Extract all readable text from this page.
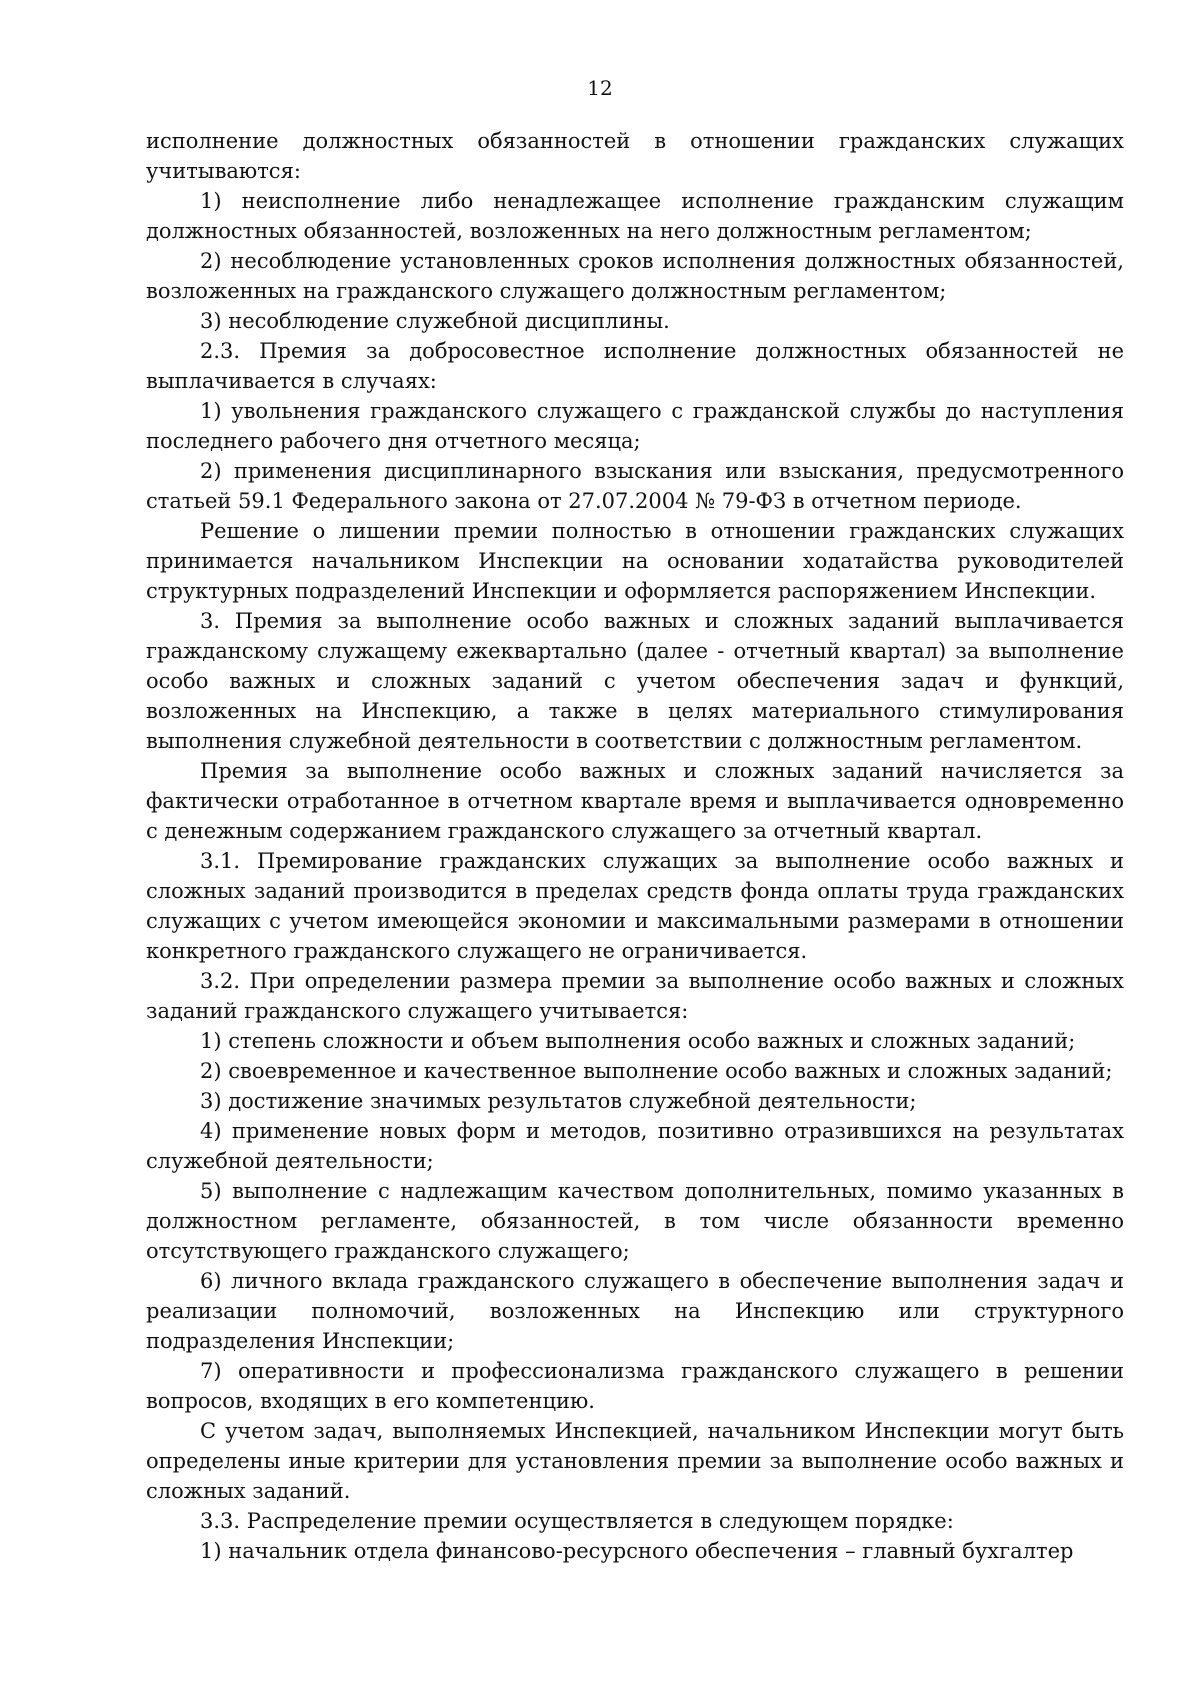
12

исполнение должностных обязанностей в отношении гражданских служащих учитываются:

1) неисполнение либо ненадлежащее исполнение гражданским служащим должностных обязанностей, возложенных на него должностным регламентом;

2) несоблюдение установленных сроков исполнения должностных обязанностей, возложенных на гражданского служащего должностным регламентом;

3) несоблюдение служебной дисциплины.

2.3. Премия за добросовестное исполнение должностных обязанностей не выплачивается в случаях:

1) увольнения гражданского служащего с гражданской службы до наступления последнего рабочего дня отчетного месяца;

2) применения дисциплинарного взыскания или взыскания, предусмотренного статьей 59.1 Федерального закона от 27.07.2004 № 79-ФЗ в отчетном периоде.

Решение о лишении премии полностью в отношении гражданских служащих принимается начальником Инспекции на основании ходатайства руководителей структурных подразделений Инспекции и оформляется распоряжением Инспекции.

3. Премия за выполнение особо важных и сложных заданий выплачивается гражданскому служащему ежеквартально (далее - отчетный квартал) за выполнение особо важных и сложных заданий с учетом обеспечения задач и функций, возложенных на Инспекцию, а также в целях материального стимулирования выполнения служебной деятельности в соответствии с должностным регламентом.

Премия за выполнение особо важных и сложных заданий начисляется за фактически отработанное в отчетном квартале время и выплачивается одновременно с денежным содержанием гражданского служащего за отчетный квартал.

3.1. Премирование гражданских служащих за выполнение особо важных и сложных заданий производится в пределах средств фонда оплаты труда гражданских служащих с учетом имеющейся экономии и максимальными размерами в отношении конкретного гражданского служащего не ограничивается.

3.2. При определении размера премии за выполнение особо важных и сложных заданий гражданского служащего учитывается:

1) степень сложности и объем выполнения особо важных и сложных заданий;

2) своевременное и качественное выполнение особо важных и сложных заданий;

3) достижение значимых результатов служебной деятельности;

4) применение новых форм и методов, позитивно отразившихся на результатах служебной деятельности;

5) выполнение с надлежащим качеством дополнительных, помимо указанных в должностном регламенте, обязанностей, в том числе обязанности временно отсутствующего гражданского служащего;

6) личного вклада гражданского служащего в обеспечение выполнения задач и реализации полномочий, возложенных на Инспекцию или структурного подразделения Инспекции;

7) оперативности и профессионализма гражданского служащего в решении вопросов, входящих в его компетенцию.

С учетом задач, выполняемых Инспекцией, начальником Инспекции могут быть определены иные критерии для установления премии за выполнение особо важных и сложных заданий.

3.3. Распределение премии осуществляется в следующем порядке:

1) начальник отдела финансово-ресурсного обеспечения – главный бухгалтер
